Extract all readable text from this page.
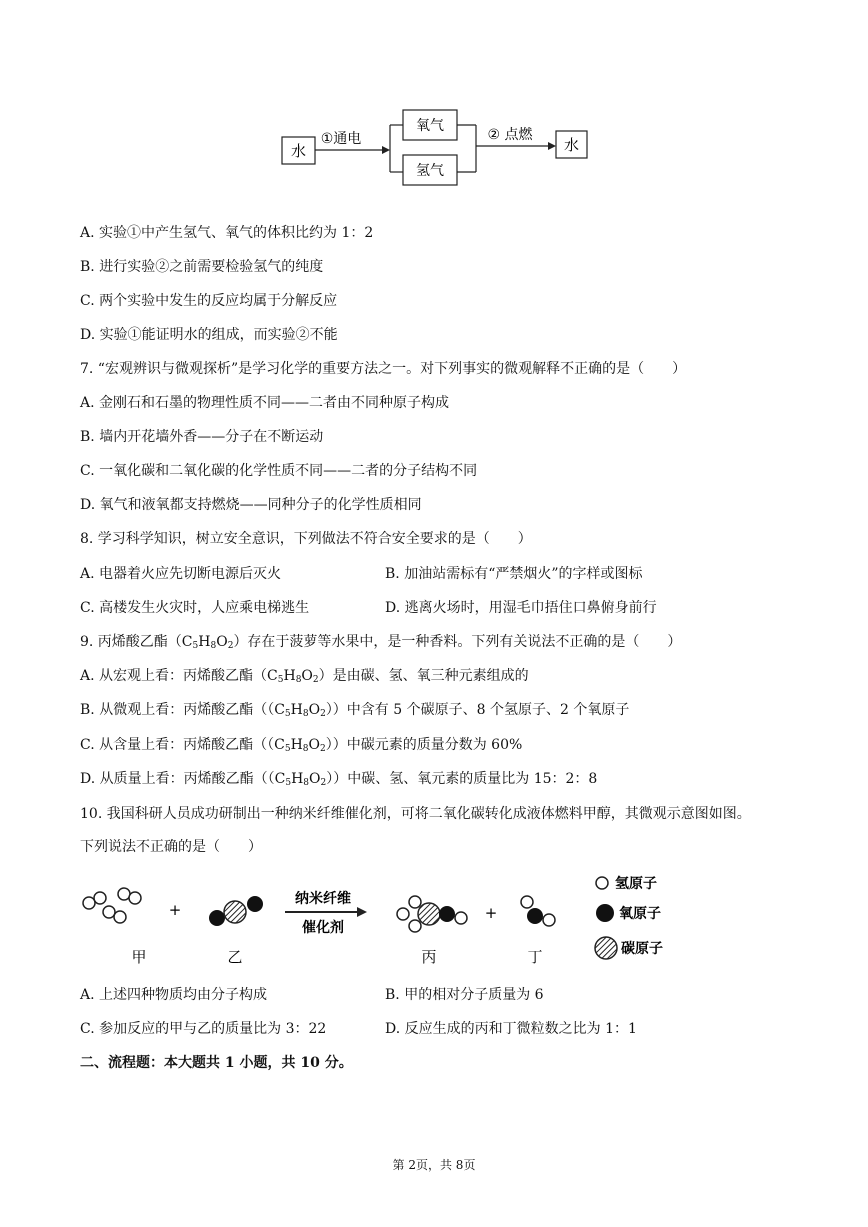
水
①通电
氧气
氢气
② 点燃
水
A. 实验①中产生氢气、氧气的体积比约为 1：2
B. 进行实验②之前需要检验氢气的纯度
C. 两个实验中发生的反应均属于分解反应
D. 实验①能证明水的组成，而实验②不能
7. “宏观辨识与微观探析”是学习化学的重要方法之一。对下列事实的微观解释不正确的是（　　）
A. 金刚石和石墨的物理性质不同——二者由不同种原子构成
B. 墙内开花墙外香——分子在不断运动
C. 一氧化碳和二氧化碳的化学性质不同——二者的分子结构不同
D. 氧气和液氧都支持燃烧——同种分子的化学性质相同
8. 学习科学知识，树立安全意识，下列做法不符合安全要求的是（　　）
A. 电器着火应先切断电源后灭火	B. 加油站需标有“严禁烟火”的字样或图标
C. 高楼发生火灾时，人应乘电梯逃生	D. 逃离火场时，用湿毛巾捂住口鼻俯身前行
9. 丙烯酸乙酯$(C_5H_8O_2)$存在于菠萝等水果中，是一种香料。下列有关说法不正确的是（　　）
A. 从宏观上看：丙烯酸乙酯$(C_5H_8O_2)$是由碳、氢、氧三种元素组成的
B. 从微观上看：丙烯酸乙酯$((C_5H_8O_2))$中含有 5 个碳原子、8 个氢原子、2 个氧原子
C. 从含量上看：丙烯酸乙酯$((C_5H_8O_2))$中碳元素的质量分数为 60%
D. 从质量上看：丙烯酸乙酯$((C_5H_8O_2))$中碳、氢、氧元素的质量比为 15：2：8
10. 我国科研人员成功研制出一种纳米纤维催化剂，可将二氧化碳转化成液体燃料甲醇，其微观示意图如图。
下列说法不正确的是（　　）
+
纳米纤维
催化剂
+
甲	乙	丙	丁
氢原子
氧原子
碳原子
A. 上述四种物质均由分子构成	B. 甲的相对分子质量为 6
C. 参加反应的甲与乙的质量比为 3：22	D. 反应生成的丙和丁微粒数之比为 1：1
二、流程题：本大题共 1 小题，共 10 分。
第 2页，共 8页
